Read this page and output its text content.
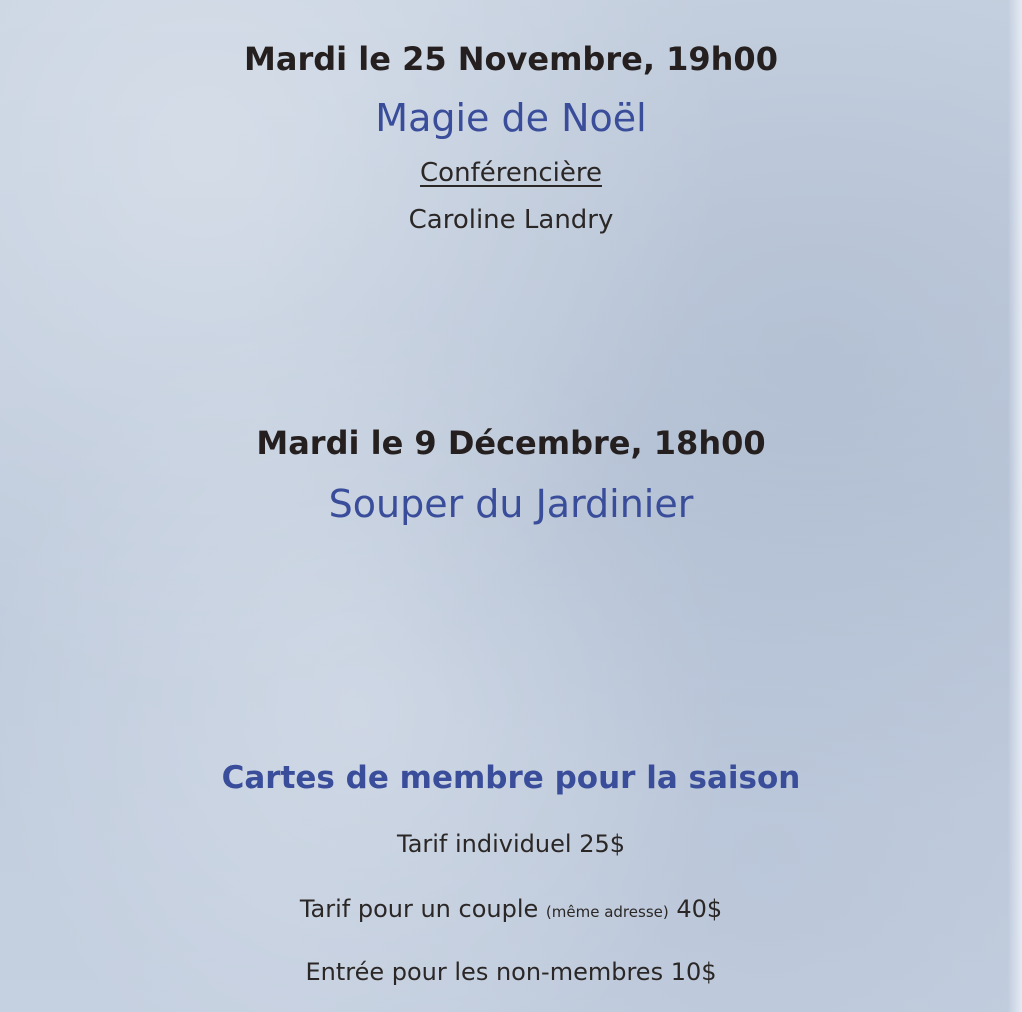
Mardi le 25 Novembre, 19h00
Magie de Noël
Conférencière
Caroline Landry
Mardi le 9 Décembre, 18h00
Souper du Jardinier
Cartes de membre pour la saison
Tarif individuel 25$
Tarif pour un couple (même adresse) 40$
Entrée pour les non-membres 10$
